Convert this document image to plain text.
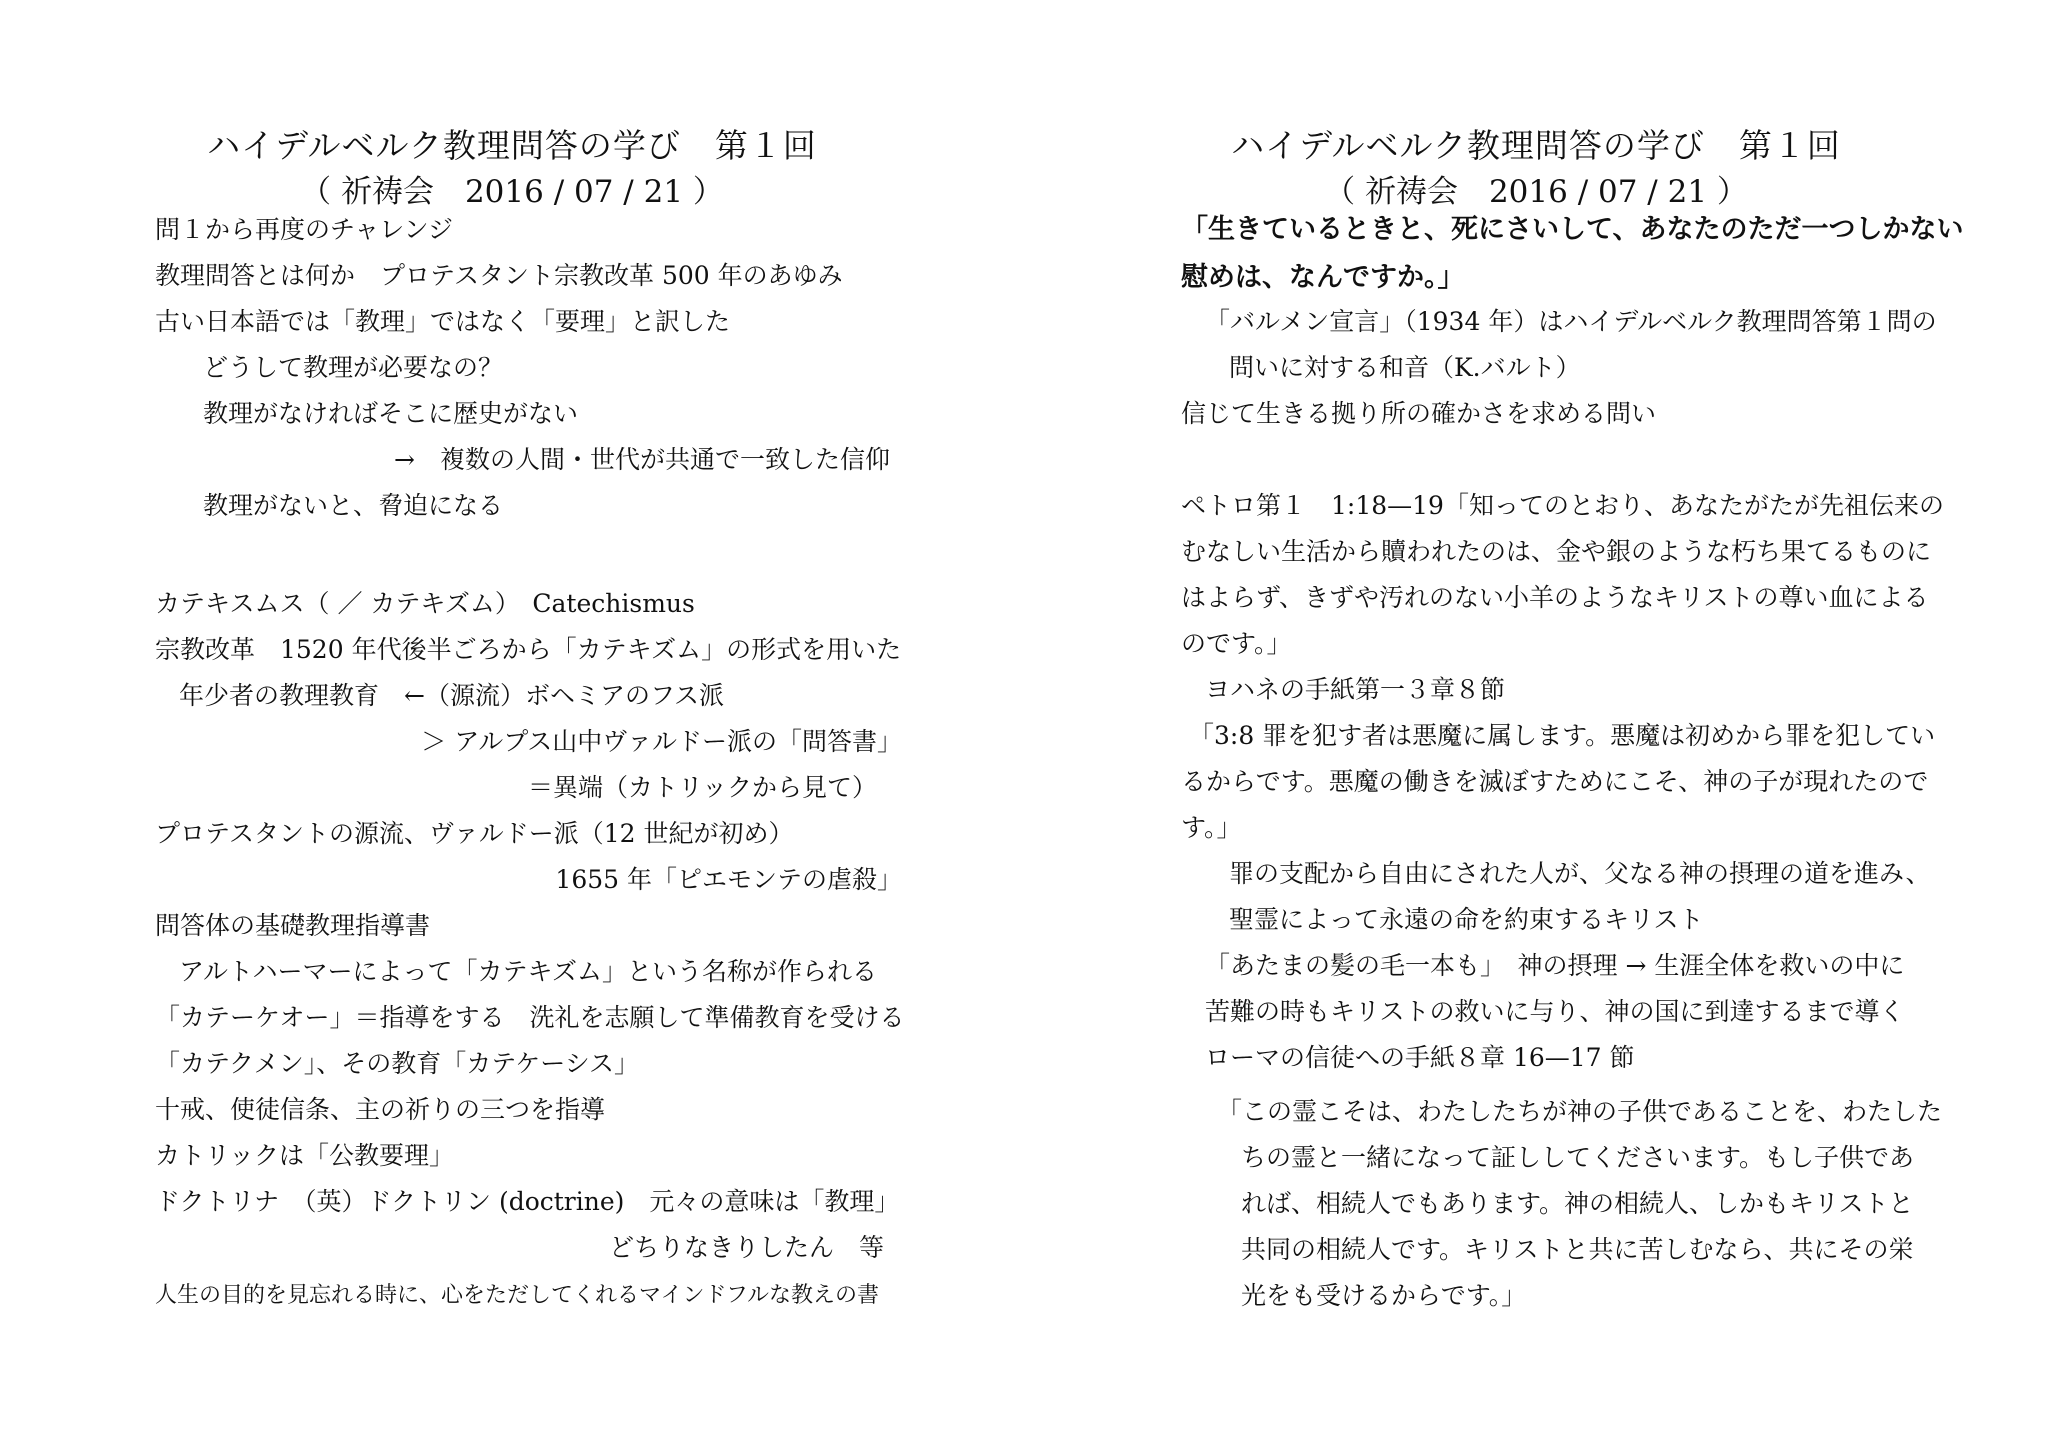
ハイデルベルク教理問答の学び　第１回
（ 祈祷会　2016 / 07 / 21 ）
問１から再度のチャレンジ
教理問答とは何か　プロテスタント宗教改革 500 年のあゆみ
古い日本語では「教理」ではなく「要理」と訳した
どうして教理が必要なの？
教理がなければそこに歴史がない
→　複数の人間・世代が共通で一致した信仰
教理がないと、脅迫になる
カテキスムス（ ／ カテキズム）　Catechismus
宗教改革　1520 年代後半ごろから「カテキズム」の形式を用いた
年少者の教理教育　←（源流）ボヘミアのフス派
＞ アルプス山中ヴァルドー派の「問答書」
＝異端（カトリックから見て）
プロテスタントの源流、ヴァルドー派（12 世紀が初め）
1655 年「ピエモンテの虐殺」
問答体の基礎教理指導書
アルトハーマーによって「カテキズム」という名称が作られる
「カテーケオー」＝指導をする　洗礼を志願して準備教育を受ける
「カテクメン」、その教育「カテケーシス」
十戒、使徒信条、主の祈りの三つを指導
カトリックは「公教要理」
ドクトリナ　（英）ドクトリン (doctrine)　元々の意味は「教理」
どちりなきりしたん　等
人生の目的を見忘れる時に、心をただしてくれるマインドフルな教えの書
ハイデルベルク教理問答の学び　第１回
（ 祈祷会　2016 / 07 / 21 ）
「生きているときと、死にさいして、あなたのただ一つしかない
慰めは、なんですか。」
「バルメン宣言」（1934 年）はハイデルベルク教理問答第１問の
問いに対する和音（K.バルト）
信じて生きる拠り所の確かさを求める問い
ペトロ第１　1:18—19「知ってのとおり、あなたがたが先祖伝来の
むなしい生活から贖われたのは、金や銀のような朽ち果てるものに
はよらず、きずや汚れのない小羊のようなキリストの尊い血による
のです。」
ヨハネの手紙第一３章８節
「3:8 罪を犯す者は悪魔に属します。悪魔は初めから罪を犯してい
るからです。悪魔の働きを滅ぼすためにこそ、神の子が現れたので
す。」
罪の支配から自由にされた人が、父なる神の摂理の道を進み、
聖霊によって永遠の命を約束するキリスト
「あたまの髪の毛一本も」　神の摂理 → 生涯全体を救いの中に
苦難の時もキリストの救いに与り、神の国に到達するまで導く
ローマの信徒への手紙８章 16—17 節
「この霊こそは、わたしたちが神の子供であることを、わたした
ちの霊と一緒になって証ししてくださいます。もし子供であ
れば、相続人でもあります。神の相続人、しかもキリストと
共同の相続人です。キリストと共に苦しむなら、共にその栄
光をも受けるからです。」
